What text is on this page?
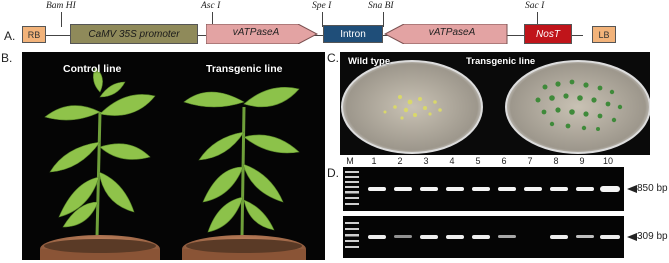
A.
Bam HI	Asc I	Spe I	Sna BI	Sac I
RB	CaMV 35S promoter	vATPaseA	Intron	vATPaseA	NosT	LB
B.
Control line	Transgenic line
C. Wild type	Transgenic line
D.
M	1	2	3	4	5	6	7	8	9	10
850 bp
309 bp
